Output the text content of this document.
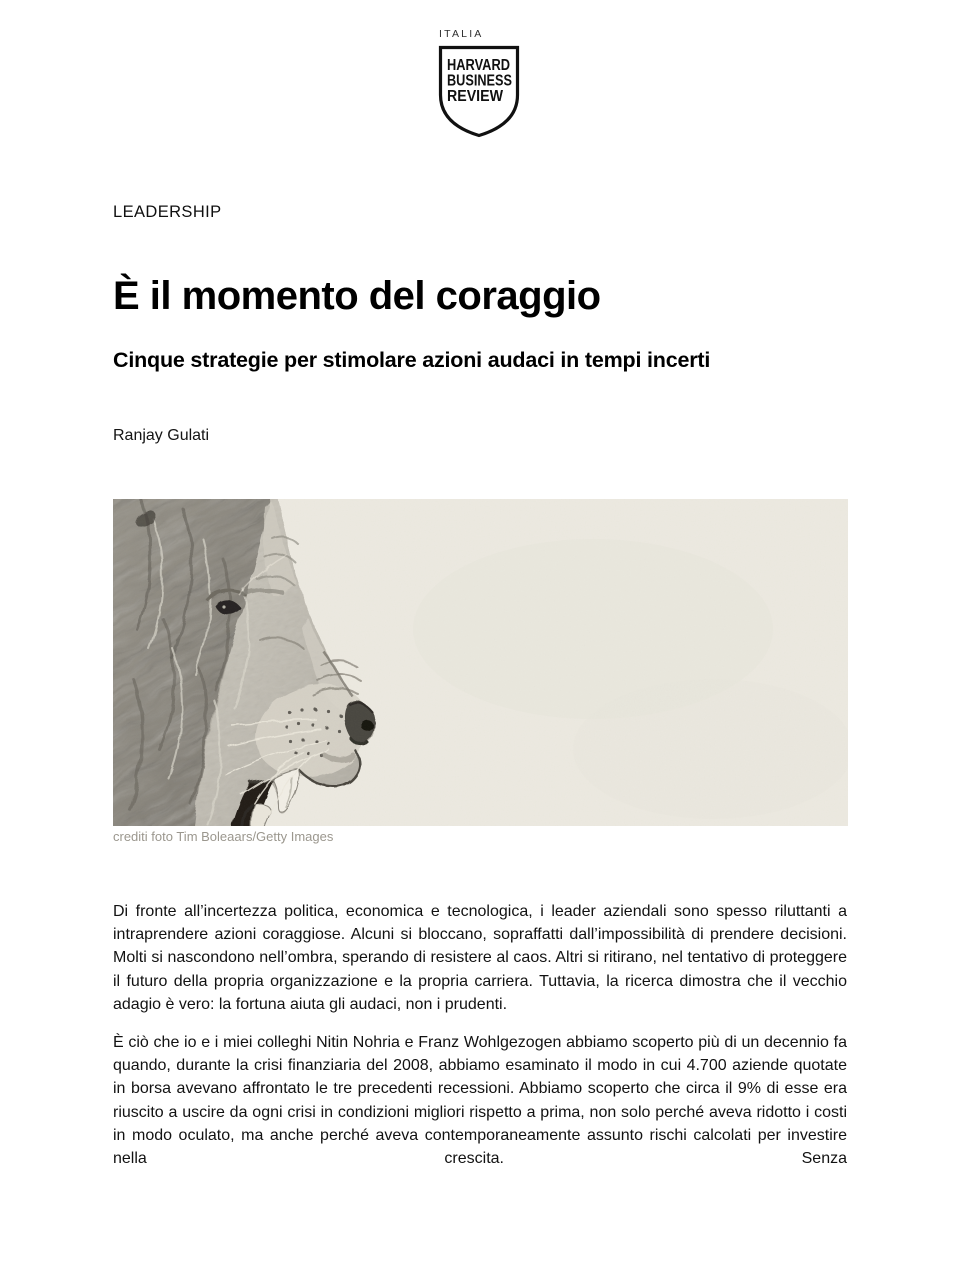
ITALIA
HARVARD
BUSINESS
REVIEW
LEADERSHIP
È il momento del coraggio
Cinque strategie per stimolare azioni audaci in tempi incerti
Ranjay Gulati
crediti foto Tim Boleaars/Getty Images

Di fronte all’incertezza politica, economica e tecnologica, i leader aziendali sono spesso riluttanti a intraprendere azioni coraggiose. Alcuni si bloccano, sopraffatti dall’impossibilità di prendere decisioni. Molti si nascondono nell’ombra, sperando di resistere al caos. Altri si ritirano, nel tentativo di proteggere il futuro della propria organizzazione e la propria carriera. Tuttavia, la ricerca dimostra che il vecchio adagio è vero: la fortuna aiuta gli audaci, non i prudenti.

È ciò che io e i miei colleghi Nitin Nohria e Franz Wohlgezogen abbiamo scoperto più di un decennio fa quando, durante la crisi finanziaria del 2008, abbiamo esaminato il modo in cui 4.700 aziende quotate in borsa avevano affrontato le tre precedenti recessioni. Abbiamo scoperto che circa il 9% di esse era riuscito a uscire da ogni crisi in condizioni migliori rispetto a prima, non solo perché aveva ridotto i costi in modo oculato, ma anche perché aveva contemporaneamente assunto rischi calcolati per investire nella crescita. Senza
